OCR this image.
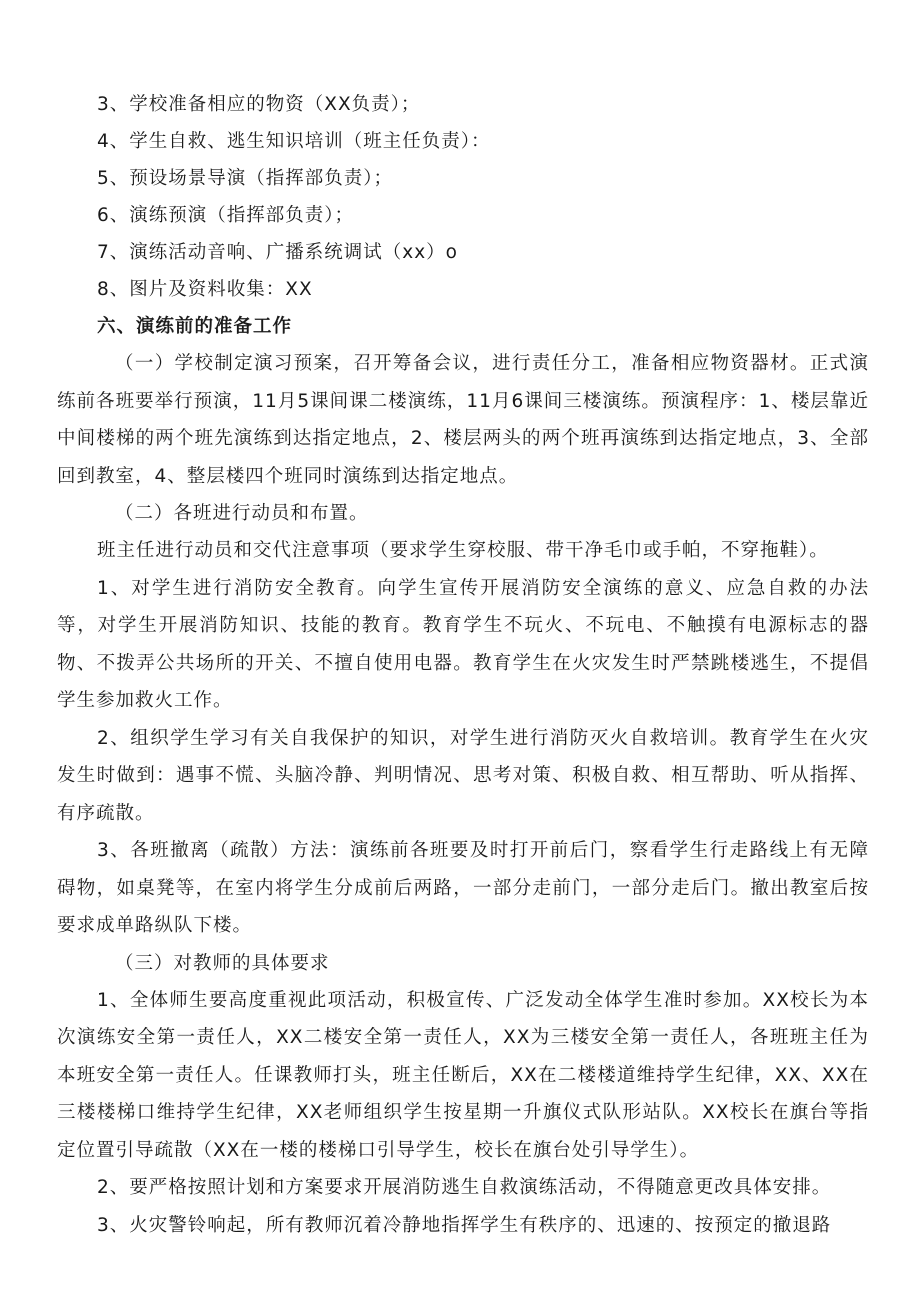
3、学校准备相应的物资（XX负责）；
4、学生自救、逃生知识培训（班主任负责）：
5、预设场景导演（指挥部负责）；
6、演练预演（指挥部负责）；
7、演练活动音响、广播系统调试（xx）o
8、图片及资料收集：XX
六、演练前的准备工作

（一）学校制定演习预案，召开筹备会议，进行责任分工，准备相应物资器材。正式演练前各班要举行预演，11月5课间课二楼演练，11月6课间三楼演练。预演程序：1、楼层靠近中间楼梯的两个班先演练到达指定地点，2、楼层两头的两个班再演练到达指定地点，3、全部回到教室，4、整层楼四个班同时演练到达指定地点。

（二）各班进行动员和布置。

班主任进行动员和交代注意事项（要求学生穿校服、带干净毛巾或手帕，不穿拖鞋）。

1、对学生进行消防安全教育。向学生宣传开展消防安全演练的意义、应急自救的办法等，对学生开展消防知识、技能的教育。教育学生不玩火、不玩电、不触摸有电源标志的器物、不拨弄公共场所的开关、不擅自使用电器。教育学生在火灾发生时严禁跳楼逃生，不提倡学生参加救火工作。

2、组织学生学习有关自我保护的知识，对学生进行消防灭火自救培训。教育学生在火灾发生时做到：遇事不慌、头脑冷静、判明情况、思考对策、积极自救、相互帮助、听从指挥、有序疏散。

3、各班撤离（疏散）方法：演练前各班要及时打开前后门，察看学生行走路线上有无障碍物，如桌凳等，在室内将学生分成前后两路，一部分走前门，一部分走后门。撤出教室后按要求成单路纵队下楼。

（三）对教师的具体要求

1、全体师生要高度重视此项活动，积极宣传、广泛发动全体学生准时参加。XX校长为本次演练安全第一责任人，XX二楼安全第一责任人，XX为三楼安全第一责任人，各班班主任为本班安全第一责任人。任课教师打头，班主任断后，XX在二楼楼道维持学生纪律，XX、XX在三楼楼梯口维持学生纪律，XX老师组织学生按星期一升旗仪式队形站队。XX校长在旗台等指定位置引导疏散（XX在一楼的楼梯口引导学生，校长在旗台处引导学生）。

2、要严格按照计划和方案要求开展消防逃生自救演练活动，不得随意更改具体安排。

3、火灾警铃响起，所有教师沉着冷静地指挥学生有秩序的、迅速的、按预定的撤退路
